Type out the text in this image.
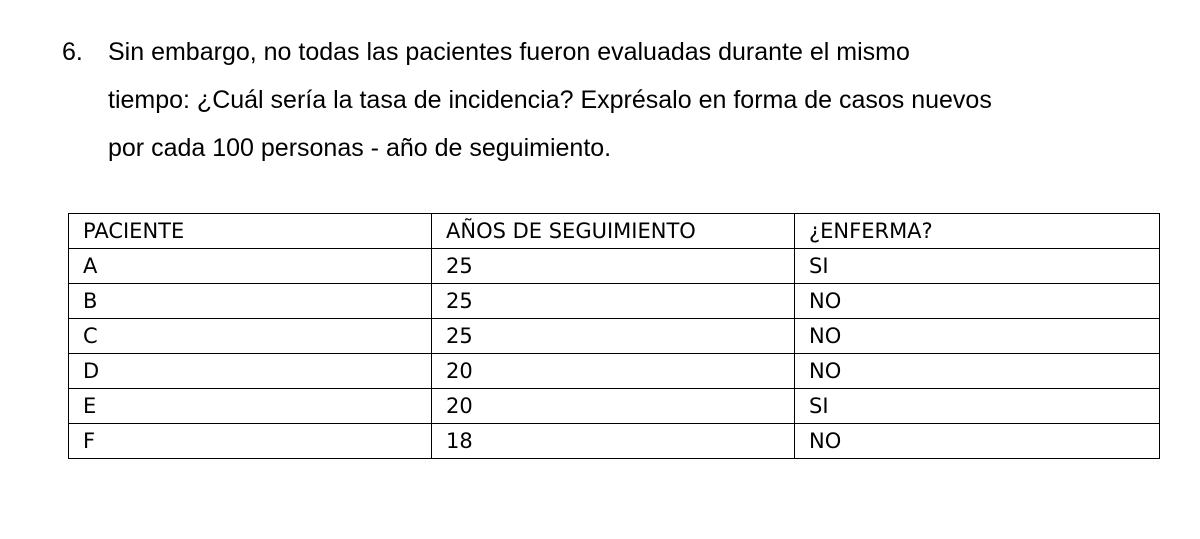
6. Sin embargo, no todas las pacientes fueron evaluadas durante el mismo
tiempo: ¿Cuál sería la tasa de incidencia? Exprésalo en forma de casos nuevos
por cada 100 personas - año de seguimiento.
PACIENTE	AÑOS DE SEGUIMIENTO	¿ENFERMA?
A	25	SI
B	25	NO
C	25	NO
D	20	NO
E	20	SI
F	18	NO
